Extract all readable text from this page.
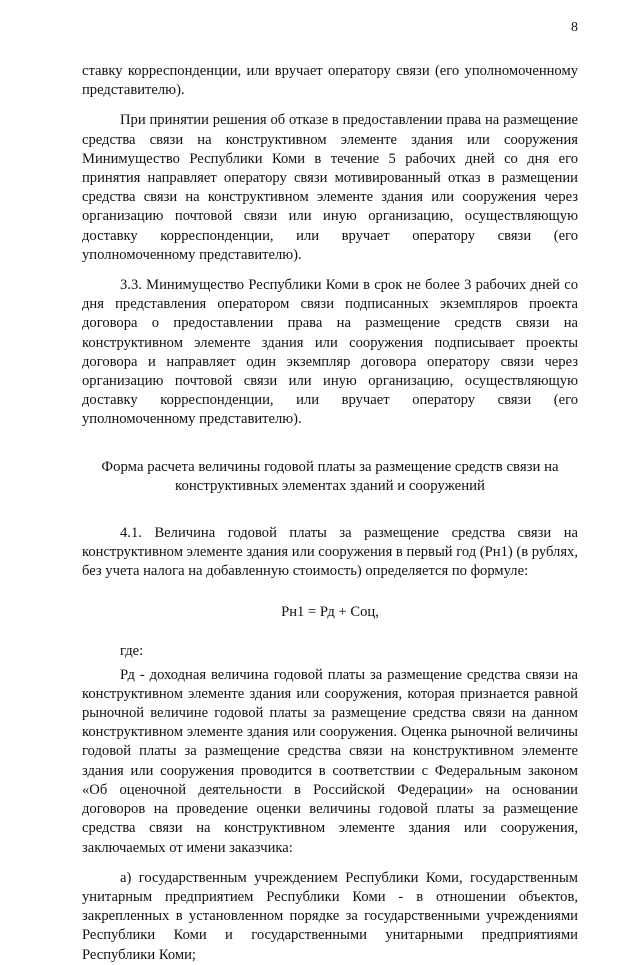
8

ставку корреспонденции, или вручает оператору связи (его уполномоченному представителю).

При принятии решения об отказе в предоставлении права на размещение средства связи на конструктивном элементе здания или сооружения Минимущество Республики Коми в течение 5 рабочих дней со дня его принятия направляет оператору связи мотивированный отказ в размещении средства связи на конструктивном элементе здания или сооружения через организацию почтовой связи или иную организацию, осуществляющую доставку корреспонденции, или вручает оператору связи (его уполномоченному представителю).

3.3. Минимущество Республики Коми в срок не более 3 рабочих дней со дня представления оператором связи подписанных экземпляров проекта договора о предоставлении права на размещение средств связи на конструктивном элементе здания или сооружения подписывает проекты договора и направляет один экземпляр договора оператору связи через организацию почтовой связи или иную организацию, осуществляющую доставку корреспонденции, или вручает оператору связи (его уполномоченному представителю).

Форма расчета величины годовой платы за размещение средств связи на конструктивных элементах зданий и сооружений

4.1. Величина годовой платы за размещение средства связи на конструктивном элементе здания или сооружения в первый год (Рн1) (в рублях, без учета налога на добавленную стоимость) определяется по формуле:

Рн1 = Рд + Соц,

где:

Рд - доходная величина годовой платы за размещение средства связи на конструктивном элементе здания или сооружения, которая признается равной рыночной величине годовой платы за размещение средства связи на данном конструктивном элементе здания или сооружения. Оценка рыночной величины годовой платы за размещение средства связи на конструктивном элементе здания или сооружения проводится в соответствии с Федеральным законом «Об оценочной деятельности в Российской Федерации» на основании договоров на проведение оценки величины годовой платы за размещение средства связи на конструктивном элементе здания или сооружения, заключаемых от имени заказчика:

а) государственным учреждением Республики Коми, государственным унитарным предприятием Республики Коми - в отношении объектов, закрепленных в установленном порядке за государственными учреждениями Республики Коми и государственными унитарными предприятиями Республики Коми;
